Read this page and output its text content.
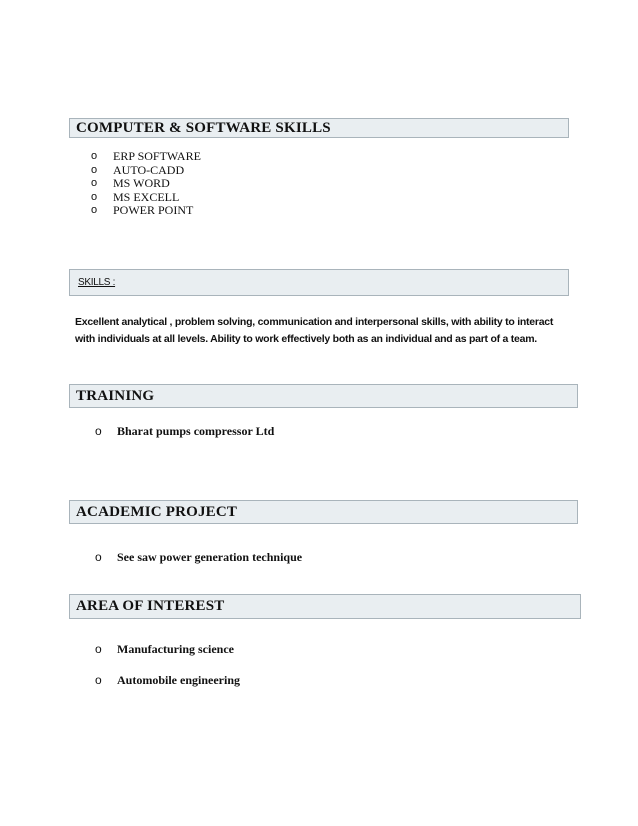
COMPUTER & SOFTWARE SKILLS
o	ERP SOFTWARE
o	AUTO-CADD
o	MS WORD
o	MS EXCELL
o	POWER POINT
SKILLS :

Excellent analytical , problem solving, communication and interpersonal skills, with ability to interact
with individuals at all levels. Ability to work effectively both as an individual and as part of a team.

TRAINING
o	Bharat pumps compressor Ltd
ACADEMIC PROJECT
o	See saw power generation technique
AREA OF INTEREST
o	Manufacturing science
o	Automobile engineering
